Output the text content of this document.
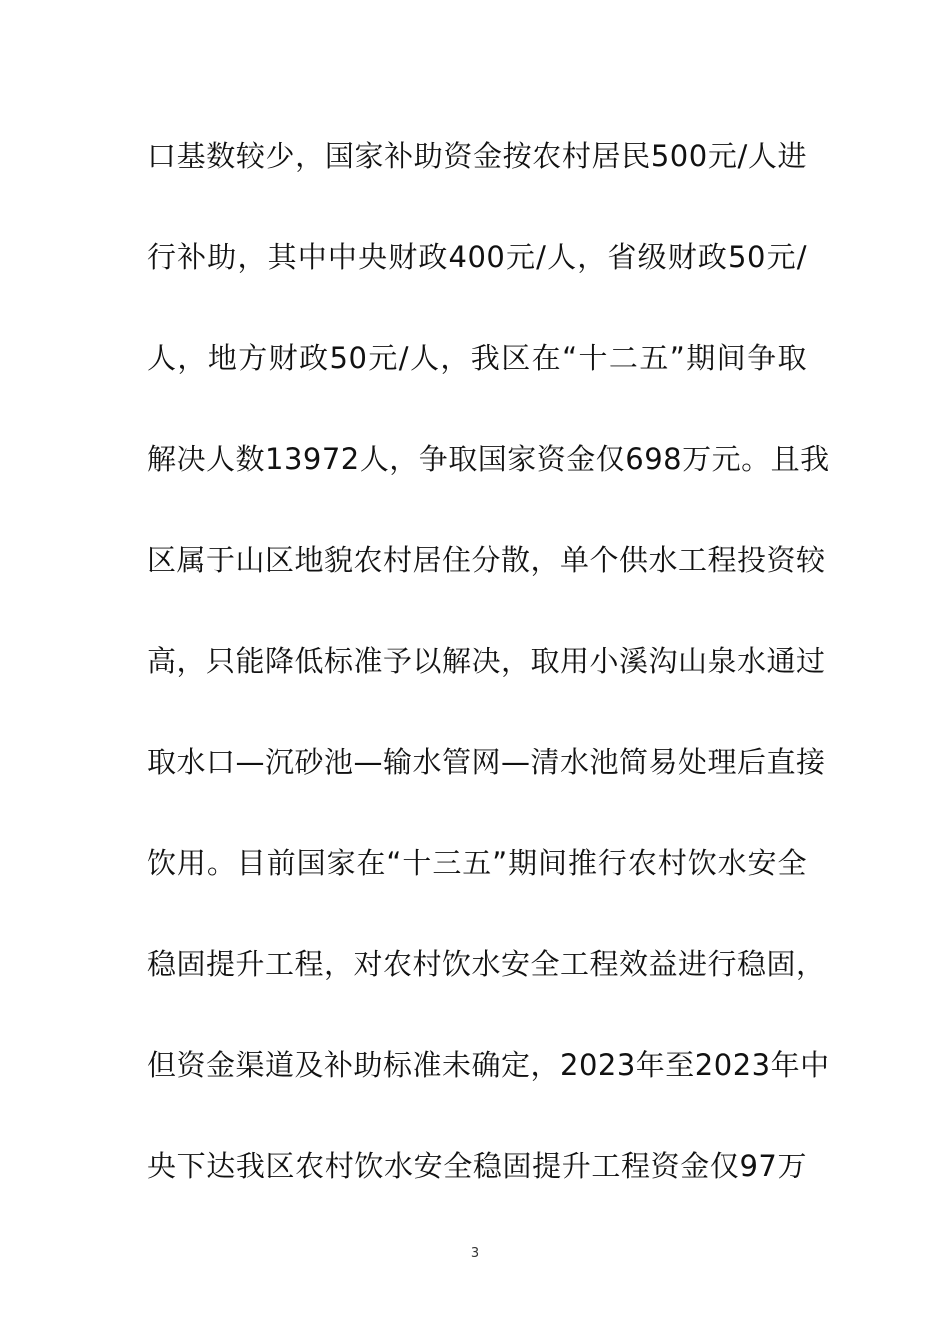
口基数较少，国家补助资金按农村居民500元/人进
行补助，其中中央财政400元/人，省级财政50元/
人，地方财政50元/人，我区在“十二五”期间争取
解决人数13972人，争取国家资金仅698万元。且我
区属于山区地貌农村居住分散，单个供水工程投资较
高，只能降低标准予以解决，取用小溪沟山泉水通过
取水口—沉砂池—输水管网—清水池简易处理后直接
饮用。目前国家在“十三五”期间推行农村饮水安全
稳固提升工程，对农村饮水安全工程效益进行稳固，
但资金渠道及补助标准未确定，2023年至2023年中
央下达我区农村饮水安全稳固提升工程资金仅97万
3
